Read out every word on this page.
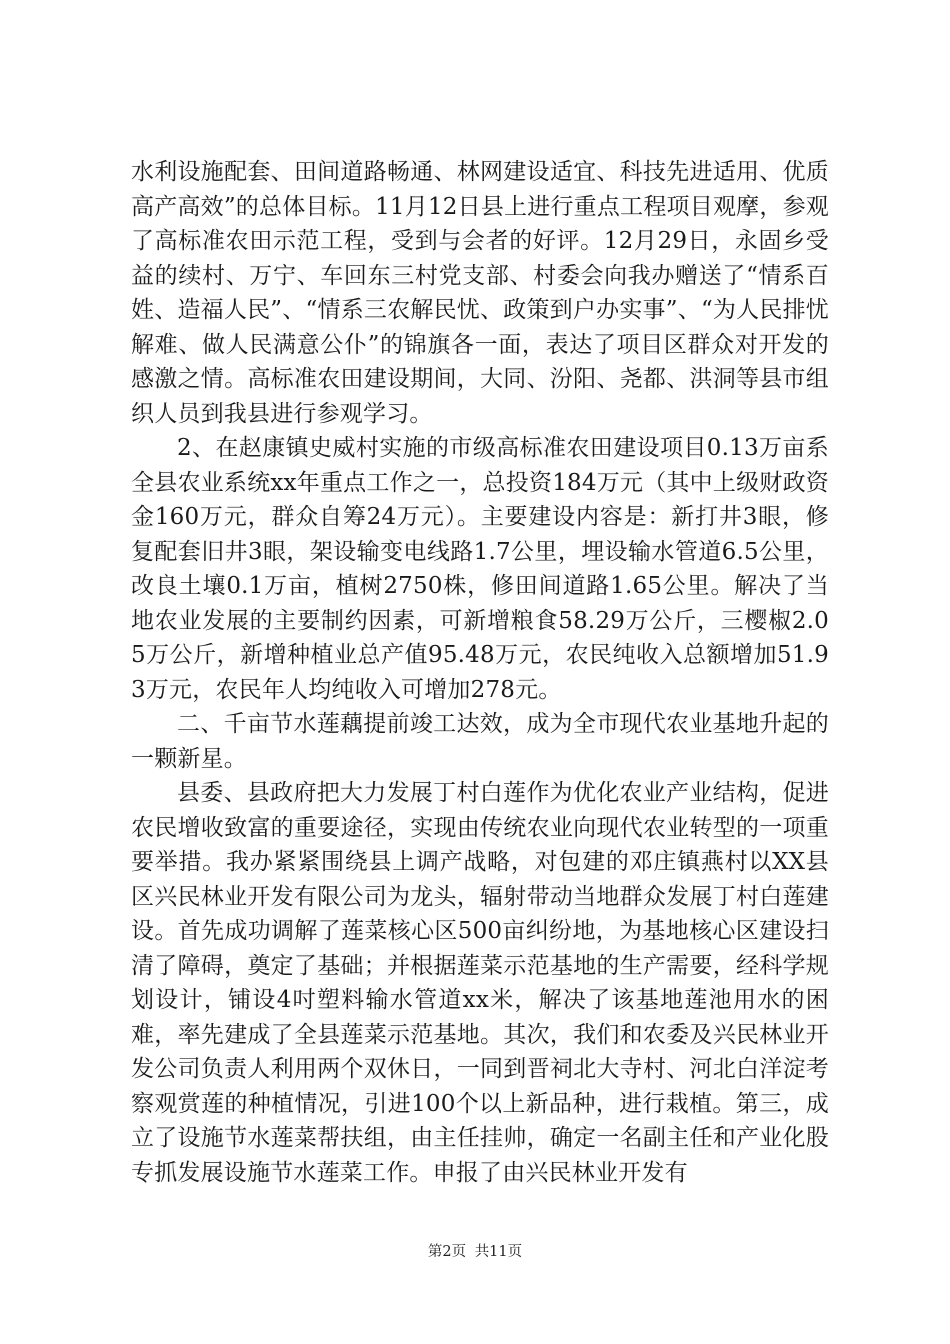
水利设施配套、田间道路畅通、林网建设适宜、科技先进适用、优质高产高效”的总体目标。11月12日县上进行重点工程项目观摩，参观了高标准农田示范工程，受到与会者的好评。12月29日，永固乡受益的续村、万宁、车回东三村党支部、村委会向我办赠送了“情系百姓、造福人民”、“情系三农解民忧、政策到户办实事”、“为人民排忧解难、做人民满意公仆”的锦旗各一面，表达了项目区群众对开发的感激之情。高标准农田建设期间，大同、汾阳、尧都、洪洞等县市组织人员到我县进行参观学习。

2、在赵康镇史威村实施的市级高标准农田建设项目0.13万亩系全县农业系统xx年重点工作之一，总投资184万元（其中上级财政资金160万元，群众自筹24万元）。主要建设内容是：新打井3眼，修复配套旧井3眼，架设输变电线路1.7公里，埋设输水管道6.5公里，改良土壤0.1万亩，植树2750株，修田间道路1.65公里。解决了当地农业发展的主要制约因素，可新增粮食58.29万公斤，三樱椒2.05万公斤，新增种植业总产值95.48万元，农民纯收入总额增加51.93万元，农民年人均纯收入可增加278元。

二、千亩节水莲藕提前竣工达效，成为全市现代农业基地升起的一颗新星。

县委、县政府把大力发展丁村白莲作为优化农业产业结构，促进农民增收致富的重要途径，实现由传统农业向现代农业转型的一项重要举措。我办紧紧围绕县上调产战略，对包建的邓庄镇燕村以XX县区兴民林业开发有限公司为龙头，辐射带动当地群众发展丁村白莲建设。首先成功调解了莲菜核心区500亩纠纷地，为基地核心区建设扫清了障碍，奠定了基础；并根据莲菜示范基地的生产需要，经科学规划设计，铺设4吋塑料输水管道xx米，解决了该基地莲池用水的困难，率先建成了全县莲菜示范基地。其次，我们和农委及兴民林业开发公司负责人利用两个双休日，一同到晋祠北大寺村、河北白洋淀考察观赏莲的种植情况，引进100个以上新品种，进行栽植。第三，成立了设施节水莲菜帮扶组，由主任挂帅，确定一名副主任和产业化股专抓发展设施节水莲菜工作。申报了由兴民林业开发有

第2页 共11页
